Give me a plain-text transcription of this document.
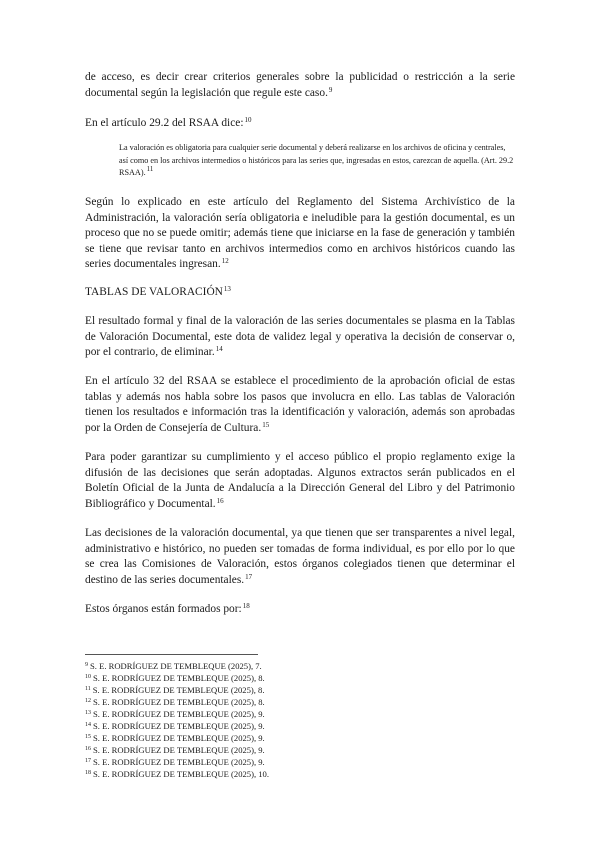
de acceso, es decir crear criterios generales sobre la publicidad o restricción a la serie documental según la legislación que regule este caso.$^9$

En el artículo 29.2 del RSAA dice:$^{10}$

La valoración es obligatoria para cualquier serie documental y deberá realizarse en los archivos de oficina y centrales, así como en los archivos intermedios o históricos para las series que, ingresadas en estos, carezcan de aquella. (Art. 29.2 RSAA).$^{11}$

Según lo explicado en este artículo del Reglamento del Sistema Archivístico de la Administración, la valoración sería obligatoria e ineludible para la gestión documental, es un proceso que no se puede omitir; además tiene que iniciarse en la fase de generación y también se tiene que revisar tanto en archivos intermedios como en archivos históricos cuando las series documentales ingresan.$^{12}$

TABLAS DE VALORACIÓN$^{13}$

El resultado formal y final de la valoración de las series documentales se plasma en la Tablas de Valoración Documental, este dota de validez legal y operativa la decisión de conservar o, por el contrario, de eliminar.$^{14}$

En el artículo 32 del RSAA se establece el procedimiento de la aprobación oficial de estas tablas y además nos habla sobre los pasos que involucra en ello. Las tablas de Valoración tienen los resultados e información tras la identificación y valoración, además son aprobadas por la Orden de Consejería de Cultura.$^{15}$

Para poder garantizar su cumplimiento y el acceso público el propio reglamento exige la difusión de las decisiones que serán adoptadas. Algunos extractos serán publicados en el Boletín Oficial de la Junta de Andalucía a la Dirección General del Libro y del Patrimonio Bibliográfico y Documental.$^{16}$

Las decisiones de la valoración documental, ya que tienen que ser transparentes a nivel legal, administrativo e histórico, no pueden ser tomadas de forma individual, es por ello por lo que se crea las Comisiones de Valoración, estos órganos colegiados tienen que determinar el destino de las series documentales.$^{17}$

Estos órganos están formados por:$^{18}$

$^9$ S. E. RODRÍGUEZ DE TEMBLEQUE (2025), 7.
$^{10}$ S. E. RODRÍGUEZ DE TEMBLEQUE (2025), 8.
$^{11}$ S. E. RODRÍGUEZ DE TEMBLEQUE (2025), 8.
$^{12}$ S. E. RODRÍGUEZ DE TEMBLEQUE (2025), 8.
$^{13}$ S. E. RODRÍGUEZ DE TEMBLEQUE (2025), 9.
$^{14}$ S. E. RODRÍGUEZ DE TEMBLEQUE (2025), 9.
$^{15}$ S. E. RODRÍGUEZ DE TEMBLEQUE (2025), 9.
$^{16}$ S. E. RODRÍGUEZ DE TEMBLEQUE (2025), 9.
$^{17}$ S. E. RODRÍGUEZ DE TEMBLEQUE (2025), 9.
$^{18}$ S. E. RODRÍGUEZ DE TEMBLEQUE (2025), 10.
